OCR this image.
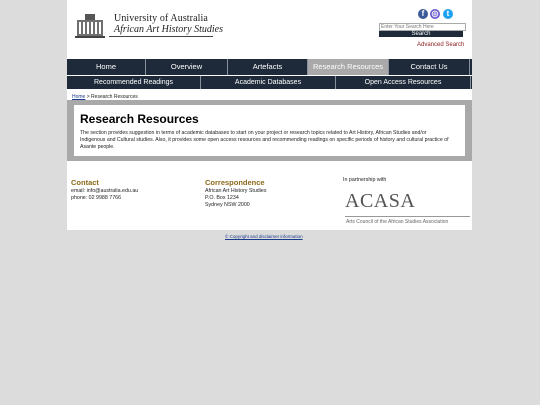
University of Australia
African Art History Studies
f ◎	t
Enter Your Search Here
Search
Advanced Search
Home	Overview	Artefacts	Research Resources	Contact Us
Recommended Readings	Academic Databases	Open Access Resources
Home > Research Resources
Research Resources
The section provides suggestion in terms of academic databases to start on your project or research topics related to Art History, African Studies and/or Indigenous and Cultural studies. Also, it provides some open access resources and recommending readings on specific periods of history and cultural practice of Asante people.
Contact
email: info@australia.edu.au
phone: 02 9988 7766
Correspondence
African Art History Studies
P.O. Box 1234
Sydney NSW 2000
In partnership with
ACASA
Arts Council of the African Studies Association
© Copyright and disclaimer information
